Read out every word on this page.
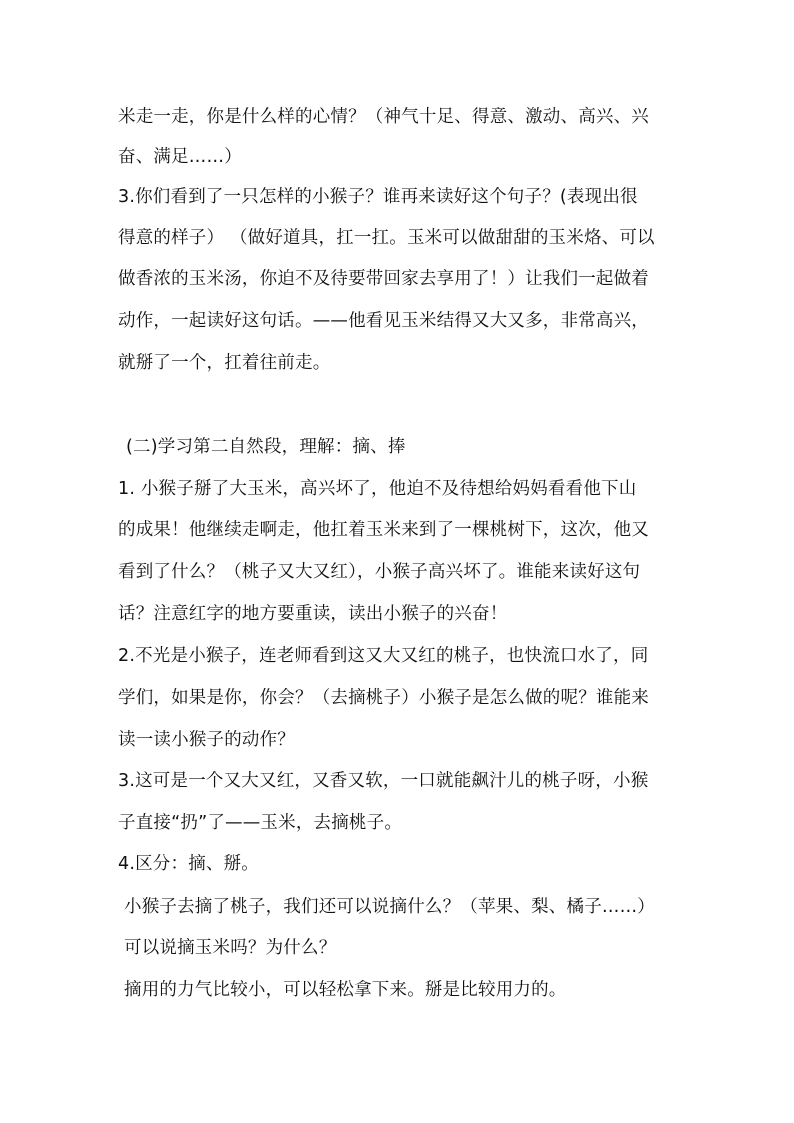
米走一走，你是什么样的心情？（神气十足、得意、激动、高兴、兴
奋、满足……）
3.你们看到了一只怎样的小猴子？谁再来读好这个句子？(表现出很
得意的样子） （做好道具，扛一扛。玉米可以做甜甜的玉米烙、可以
做香浓的玉米汤，你迫不及待要带回家去享用了！）让我们一起做着
动作，一起读好这句话。——他看见玉米结得又大又多，非常高兴，
就掰了一个，扛着往前走。
(二)学习第二自然段，理解：摘、捧
1. 小猴子掰了大玉米，高兴坏了，他迫不及待想给妈妈看看他下山
的成果！他继续走啊走，他扛着玉米来到了一棵桃树下，这次，他又
看到了什么？（桃子又大又红），小猴子高兴坏了。谁能来读好这句
话？注意红字的地方要重读，读出小猴子的兴奋！
2.不光是小猴子，连老师看到这又大又红的桃子，也快流口水了，同
学们，如果是你，你会？（去摘桃子）小猴子是怎么做的呢？谁能来
读一读小猴子的动作？
3.这可是一个又大又红，又香又软，一口就能飙汁儿的桃子呀，小猴
子直接“扔”了——玉米，去摘桃子。
4.区分：摘、掰。
小猴子去摘了桃子，我们还可以说摘什么？（苹果、梨、橘子……）
可以说摘玉米吗？为什么？
摘用的力气比较小，可以轻松拿下来。掰是比较用力的。
